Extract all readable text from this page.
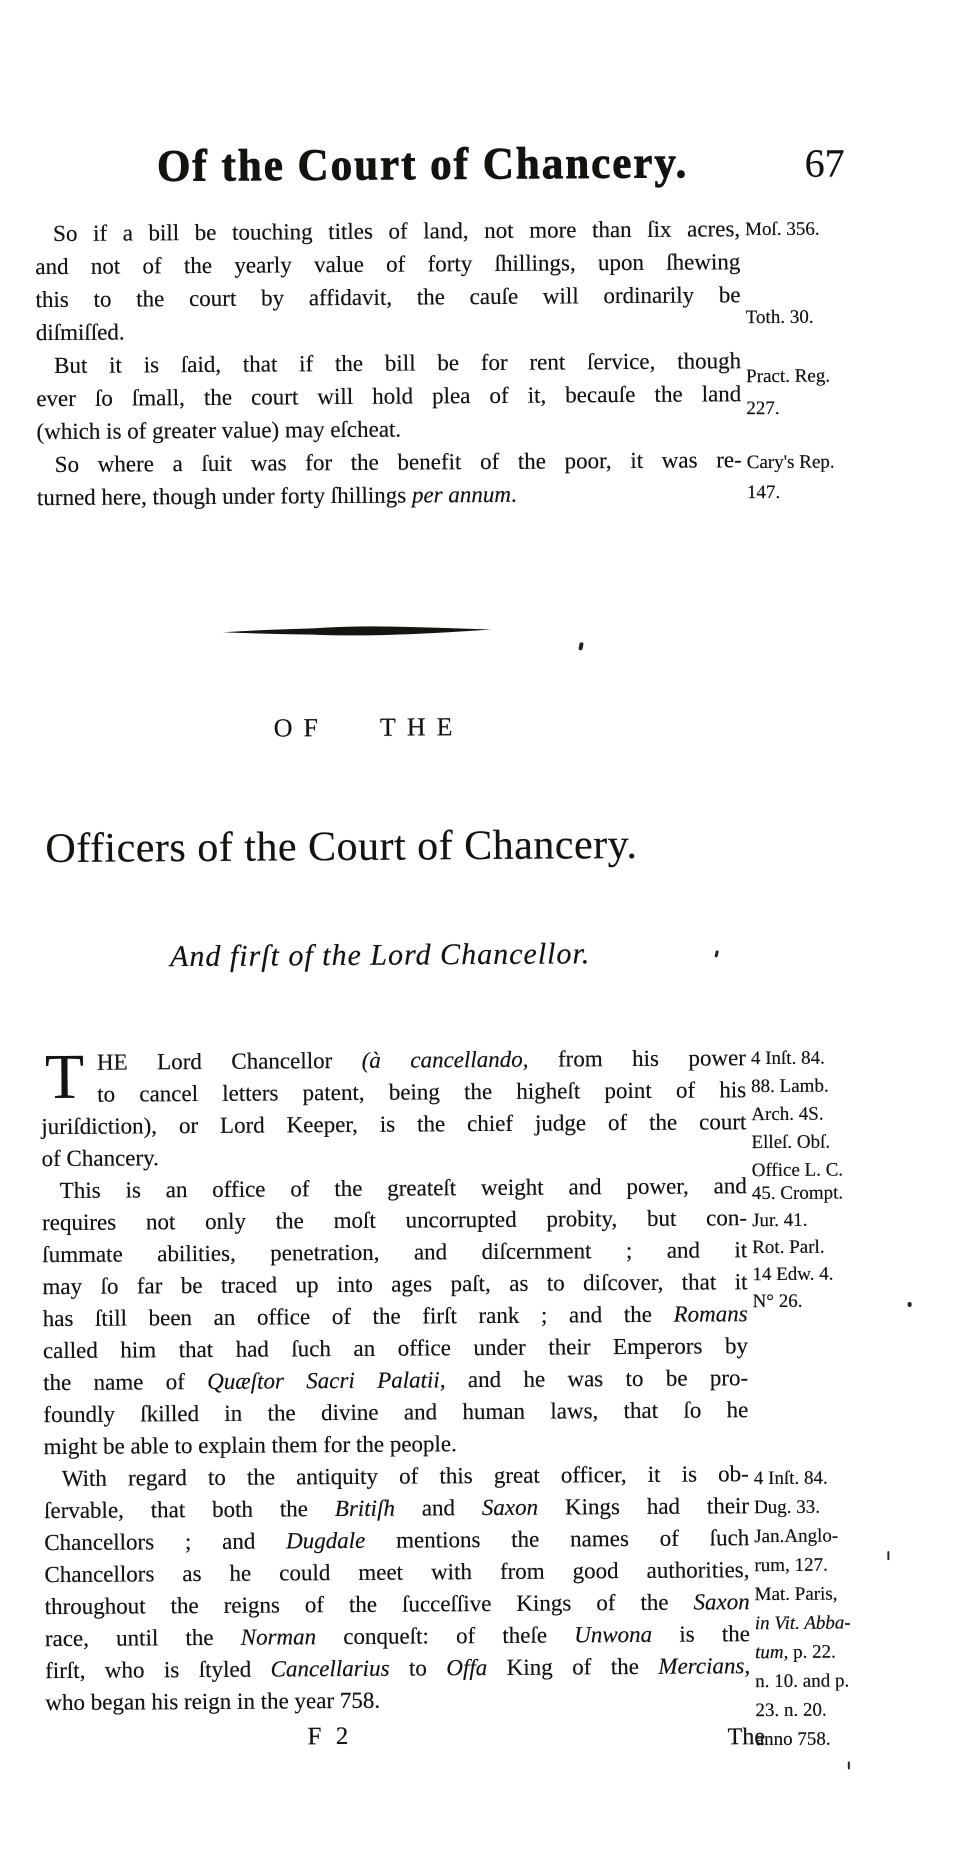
Of the Court of Chancery.	67
So if a bill be touching titles of land, not more than ſix acres,
and not of the yearly value of forty ſhillings, upon ſhewing
this to the court by affidavit, the cauſe will ordinarily be
diſmiſſed.
Moſ. 356.
Toth. 30.
But it is ſaid, that if the bill be for rent ſervice, though
ever ſo ſmall, the court will hold plea of it, becauſe the land
(which is of greater value) may eſcheat.
Pract. Reg.
227.
So where a ſuit was for the benefit of the poor, it was re-
turned here, though under forty ſhillings per annum.
Cary's Rep.
147.
OF THE
Officers of the Court of Chancery.
And firſt of the Lord Chancellor.
T HE Lord Chancellor (à cancellando, from his power
to cancel letters patent, being the higheſt point of his
juriſdiction), or Lord Keeper, is the chief judge of the court
of Chancery.
4 Inſt. 84.
88. Lamb.
Arch. 4S.
Elleſ. Obſ.
Office L. C.
This is an office of the greateſt weight and power, and
requires not only the moſt uncorrupted probity, but con-
ſummate abilities, penetration, and diſcernment ; and it
may ſo far be traced up into ages paſt, as to diſcover, that it
has ſtill been an office of the firſt rank ; and the Romans
called him that had ſuch an office under their Emperors by
the name of Quæſtor Sacri Palatii, and he was to be pro-
foundly ſkilled in the divine and human laws, that ſo he
might be able to explain them for the people.
45. Crompt.
Jur. 41.
Rot. Parl.
14 Edw. 4.
N° 26.
With regard to the antiquity of this great officer, it is ob-
ſervable, that both the Britiſh and Saxon Kings had their
Chancellors ; and Dugdale mentions the names of ſuch
Chancellors as he could meet with from good authorities,
throughout the reigns of the ſucceſſive Kings of the Saxon
race, until the Norman conqueſt: of theſe Unwona is the
firſt, who is ſtyled Cancellarius to Offa King of the Mercians,
who began his reign in the year 758.
4 Inſt. 84.
Dug. 33.
Jan.Anglo-
rum, 127.
Mat. Paris,
in Vit. Abba-
tum, p. 22.
n. 10. and p.
23. n. 20.
anno 758.
F 2	The
